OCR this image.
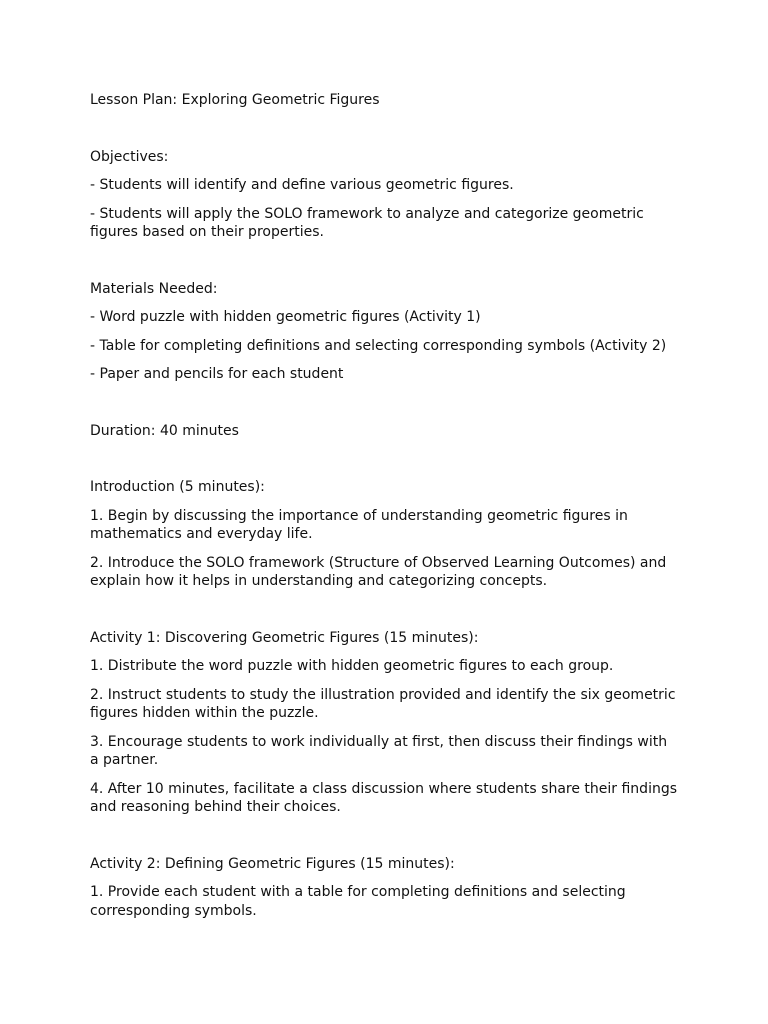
Lesson Plan: Exploring Geometric Figures

Objectives:

- Students will identify and define various geometric figures.

- Students will apply the SOLO framework to analyze and categorize geometric figures based on their properties.

Materials Needed:

- Word puzzle with hidden geometric figures (Activity 1)

- Table for completing definitions and selecting corresponding symbols (Activity 2)

- Paper and pencils for each student

Duration: 40 minutes

Introduction (5 minutes):

1. Begin by discussing the importance of understanding geometric figures in mathematics and everyday life.

2. Introduce the SOLO framework (Structure of Observed Learning Outcomes) and explain how it helps in understanding and categorizing concepts.

Activity 1: Discovering Geometric Figures (15 minutes):

1. Distribute the word puzzle with hidden geometric figures to each group.

2. Instruct students to study the illustration provided and identify the six geometric figures hidden within the puzzle.

3. Encourage students to work individually at first, then discuss their findings with a partner.

4. After 10 minutes, facilitate a class discussion where students share their findings and reasoning behind their choices.

Activity 2: Defining Geometric Figures (15 minutes):

1. Provide each student with a table for completing definitions and selecting corresponding symbols.
